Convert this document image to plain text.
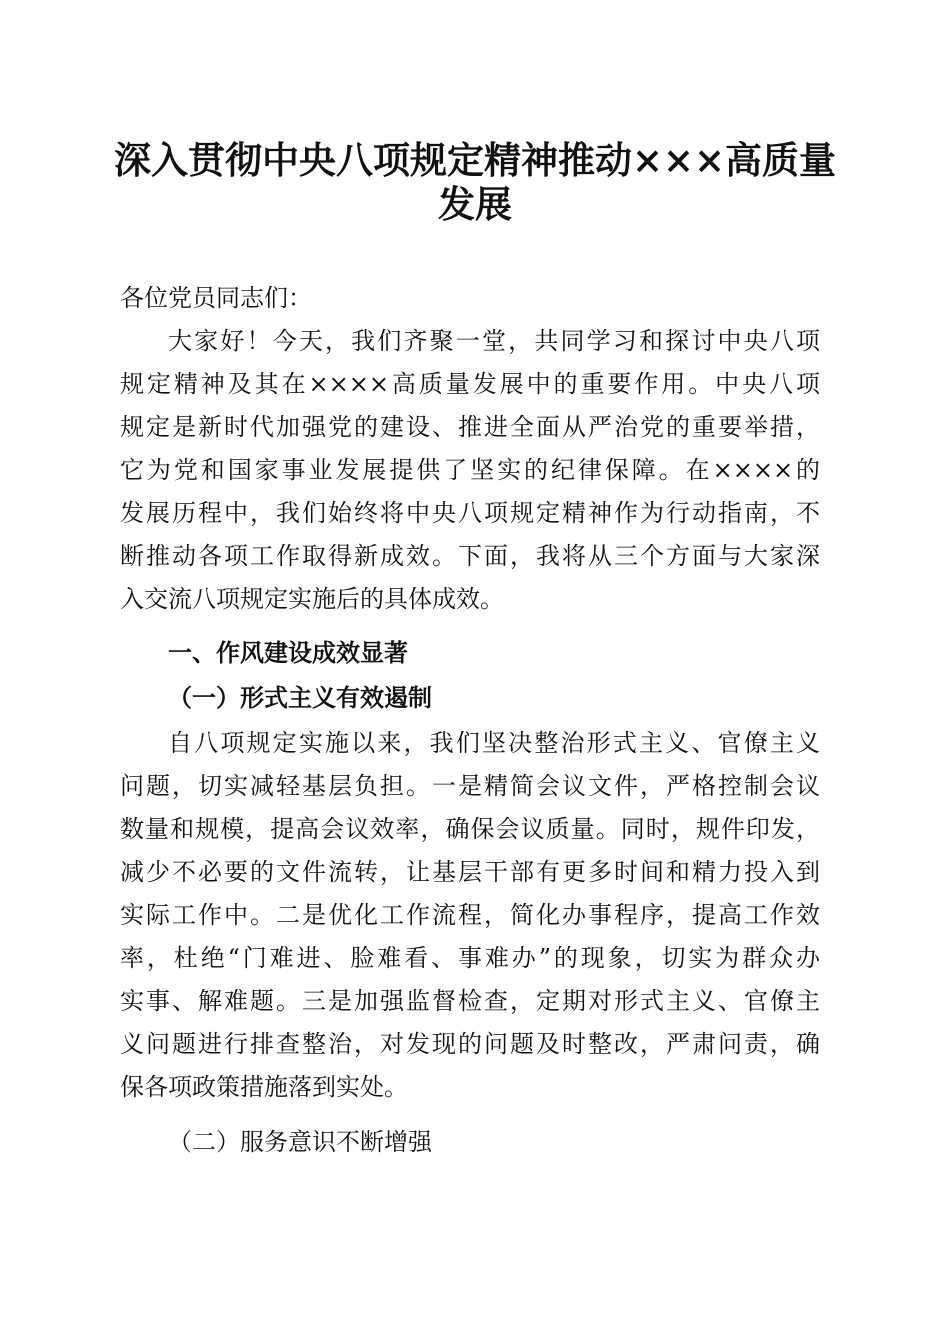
深入贯彻中央八项规定精神推动×××高质量
发展
各位党员同志们：
大家好！今天，我们齐聚一堂，共同学习和探讨中央八项
规定精神及其在××××高质量发展中的重要作用。中央八项
规定是新时代加强党的建设、推进全面从严治党的重要举措，
它为党和国家事业发展提供了坚实的纪律保障。在××××的
发展历程中，我们始终将中央八项规定精神作为行动指南，不
断推动各项工作取得新成效。下面，我将从三个方面与大家深
入交流八项规定实施后的具体成效。
一、作风建设成效显著
（一）形式主义有效遏制
自八项规定实施以来，我们坚决整治形式主义、官僚主义
问题，切实减轻基层负担。一是精简会议文件，严格控制会议
数量和规模，提高会议效率，确保会议质量。同时，规件印发，
减少不必要的文件流转，让基层干部有更多时间和精力投入到
实际工作中。二是优化工作流程，简化办事程序，提高工作效
率，杜绝“门难进、脸难看、事难办”的现象，切实为群众办
实事、解难题。三是加强监督检查，定期对形式主义、官僚主
义问题进行排查整治，对发现的问题及时整改，严肃问责，确
保各项政策措施落到实处。
（二）服务意识不断增强
